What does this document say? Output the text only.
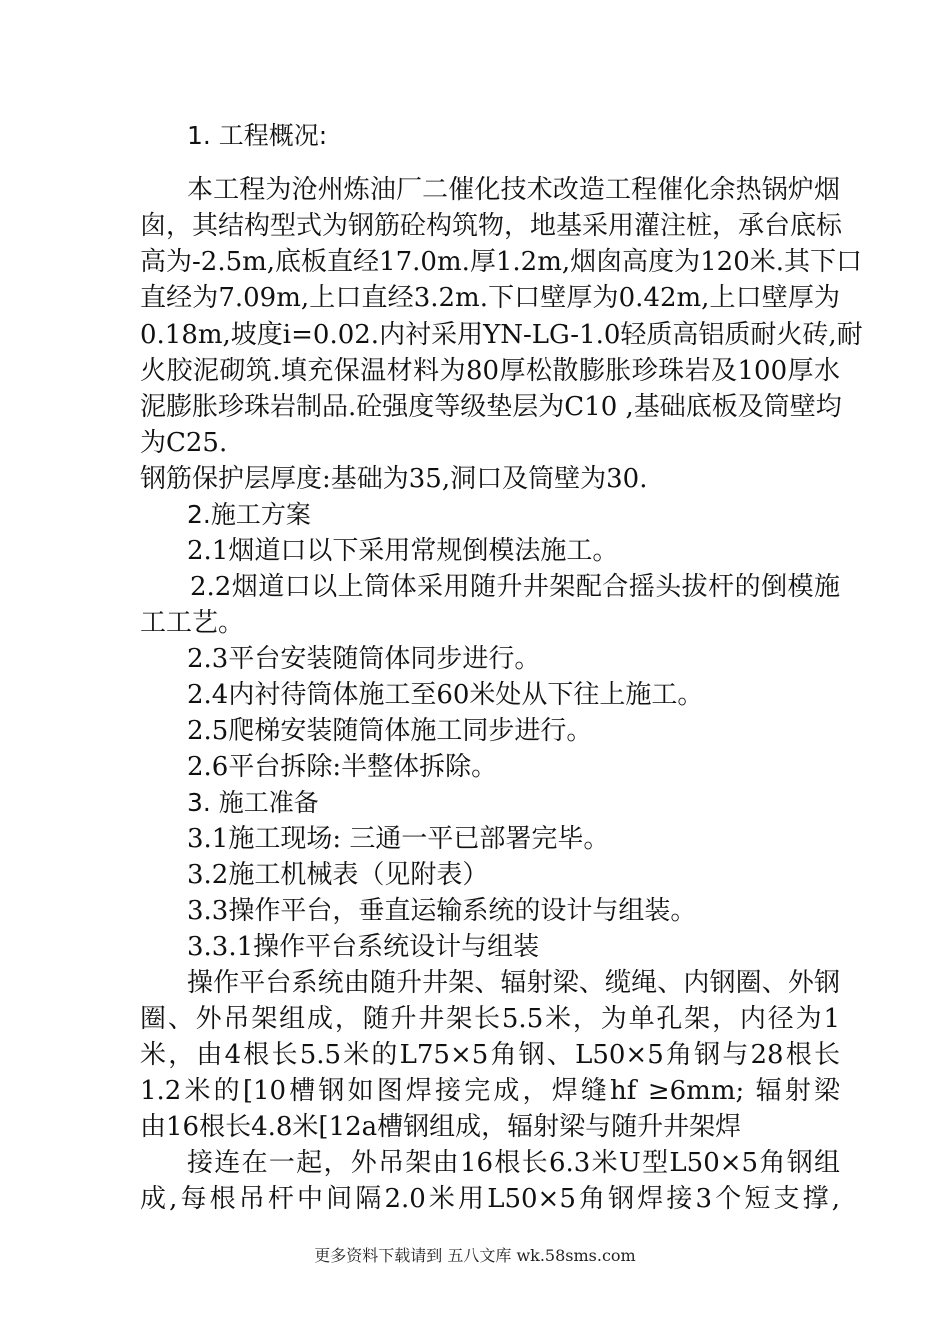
1. 工程概况:
本工程为沧州炼油厂二催化技术改造工程催化余热锅炉烟
囱，其结构型式为钢筋砼构筑物，地基采用灌注桩，承台底标
高为-2.5m,底板直经17.0m.厚1.2m,烟囱高度为120米.其下口
直经为7.09m,上口直经3.2m.下口壁厚为0.42m,上口壁厚为
0.18m,坡度i=0.02.内衬采用YN-LG-1.0轻质高铝质耐火砖,耐
火胶泥砌筑.填充保温材料为80厚松散膨胀珍珠岩及100厚水
泥膨胀珍珠岩制品.砼强度等级垫层为C10 ,基础底板及筒壁均
为C25.
钢筋保护层厚度:基础为35,洞口及筒壁为30.
2.施工方案
2.1烟道口以下采用常规倒模法施工。
2.2烟道口以上筒体采用随升井架配合摇头拔杆的倒模施
工工艺。
2.3平台安装随筒体同步进行。
2.4内衬待筒体施工至60米处从下往上施工。
2.5爬梯安装随筒体施工同步进行。
2.6平台拆除:半整体拆除。
3. 施工准备
3.1施工现场: 三通一平已部署完毕。
3.2施工机械表（见附表）
3.3操作平台，垂直运输系统的设计与组装。
3.3.1操作平台系统设计与组装
操作平台系统由随升井架、辐射梁、缆绳、内钢圈、外钢
圈、外吊架组成，随升井架长5.5米，为单孔架，内径为1
米，由4根长5.5米的L75×5角钢、L50×5角钢与28根长
1.2米的[10槽钢如图焊接完成，焊缝hf ≥6mm; 辐射梁
由16根长4.8米[12a槽钢组成，辐射梁与随升井架焊
接连在一起，外吊架由16根长6.3米U型L50×5角钢组
成,每根吊杆中间隔2.0米用L50×5角钢焊接3个短支撑,
更多资料下载请到 五八文库 wk.58sms.com
